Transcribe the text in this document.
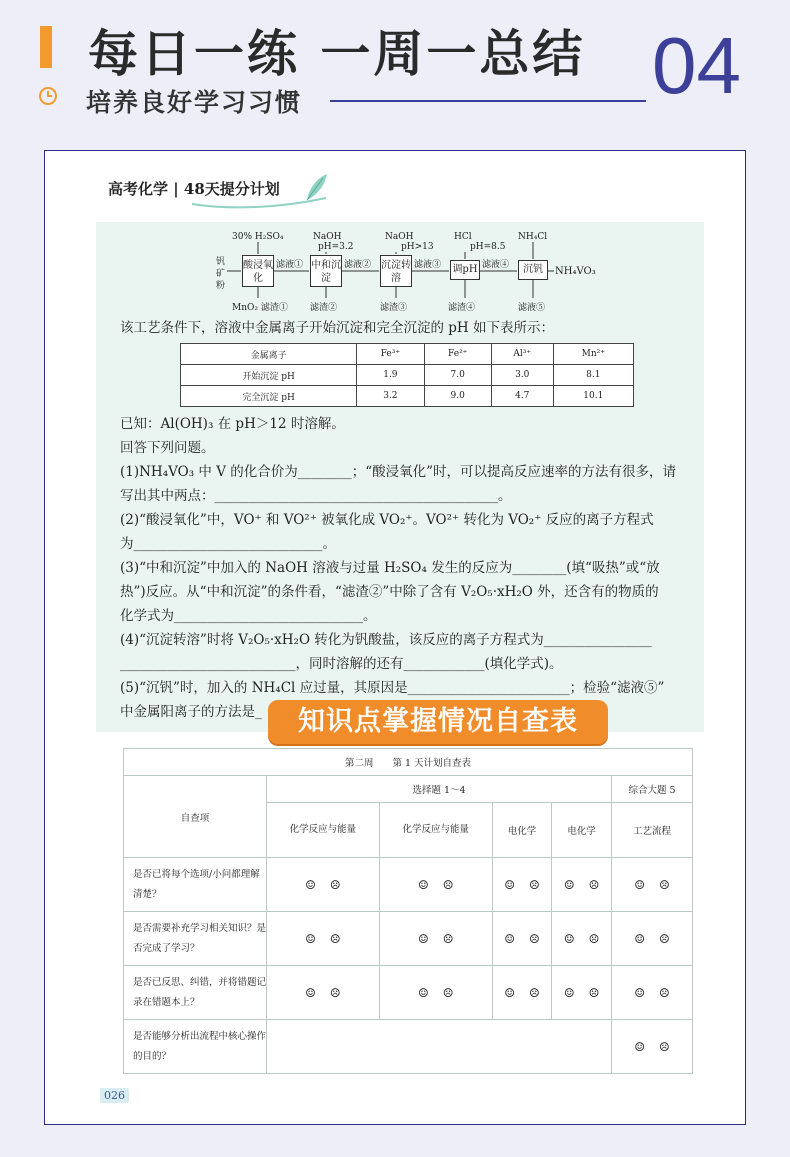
每日一练 一周一总结
培养良好学习习惯	04
高考化学 | 48天提分计划
30% H₂SO₄	NaOH
pH=3.2
NaOH
pH>13
HCl
pH=8.5
NH₄Cl
钒矿粉
酸浸氧化
中和沉淀
沉淀转溶
调pH	沉钒
滤液①	滤液②	滤液③	滤液④
NH₄VO₃
MnO₂ 滤渣① 滤渣②	滤渣③	滤渣④	滤液⑤
该工艺条件下，溶液中金属离子开始沉淀和完全沉淀的 pH 如下表所示：
金属离子	Fe³⁺	Fe²⁺	Al³⁺	Mn²⁺
开始沉淀 pH	1.9	7.0	3.0	8.1
完全沉淀 pH	3.2	9.0	4.7	10.1
已知：Al(OH)₃ 在 pH＞12 时溶解。
回答下列问题。
(1)NH₄VO₃ 中 V 的化合价为________；“酸浸氧化”时，可以提高反应速率的方法有很多，请
写出其中两点：__________________________________________。
(2)“酸浸氧化”中，VO⁺ 和 VO²⁺ 被氧化成 VO₂⁺。VO²⁺ 转化为 VO₂⁺ 反应的离子方程式
为____________________________。
(3)“中和沉淀”中加入的 NaOH 溶液与过量 H₂SO₄ 发生的反应为________(填“吸热”或“放
热”)反应。从“中和沉淀”的条件看，“滤渣②”中除了含有 V₂O₅·xH₂O 外，还含有的物质的
化学式为____________________________。
(4)“沉淀转溶”时将 V₂O₅·xH₂O 转化为钒酸盐，该反应的离子方程式为________________
__________________________，同时溶解的还有____________(填化学式)。
(5)“沉钒”时，加入的 NH₄Cl 应过量，其原因是________________________；检验“滤液⑤”
中金属阳离子的方法是_	知识点掌握情况自查表
第二周　　第 1 天计划自查表					
自查项	选择题 1～4				综合大题 5
	化学反应与能量	化学反应与能量	电化学	电化学	工艺流程
是否已将每个选项/小问都理解清楚？	☺ ☹	☺ ☹	☺ ☹	☺ ☹	☺ ☹
是否需要补充学习相关知识？是否完成了学习？	☺ ☹	☺ ☹	☺ ☹	☺ ☹	☺ ☹
是否已反思、纠错，并将错题记录在错题本上？	☺ ☹	☺ ☹	☺ ☹	☺ ☹	☺ ☹
是否能够分析出流程中核心操作的目的？					☺ ☹
026
